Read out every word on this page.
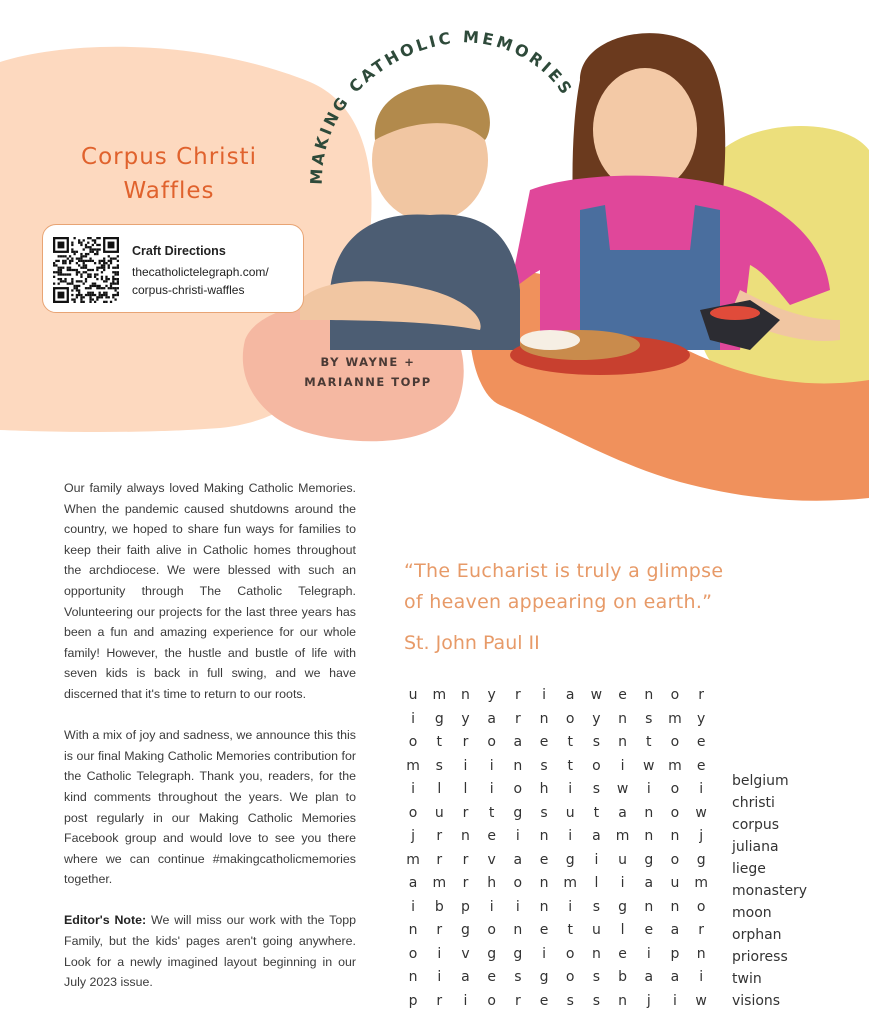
MAKING CATHOLIC MEMORIES
Corpus Christi
Waffles
Craft Directions
thecatholictelegraph.com/
corpus-christi-waffles
BY WAYNE +
MARIANNE TOPP

Our family always loved Making Catholic Memories. When the pandemic caused shutdowns around the country, we hoped to share fun ways for families to keep their faith alive in Catholic homes throughout the archdiocese. We were blessed with such an opportunity through The Catholic Telegraph. Volunteering our projects for the last three years has been a fun and amazing experience for our whole family! However, the hustle and bustle of life with seven kids is back in full swing, and we have discerned that it's time to return to our roots.

With a mix of joy and sadness, we announce this this is our final Making Catholic Memories contribution for the Catholic Telegraph. Thank you, readers, for the kind comments throughout the years. We plan to post regularly in our Making Catholic Memories Facebook group and would love to see you there where we can continue #makingcatholicmemories together.

Editor's Note: We will miss our work with the Topp Family, but the kids' pages aren't going anywhere. Look for a newly imagined layout beginning in our July 2023 issue.

“The Eucharist is truly a glimpse
of heaven appearing on earth.”
St. John Paul II
u	m	n	y	r	i	a	w	e	n	o	r
i	g	y	a	r	n	o	y	n	s	m	y
o	t	r	o	a	e	t	s	n	t	o	e
m	s	i	i	n	s	t	o	i	w m	e
i	l	l	i	o	h	i	s	w	i	o	i
o	u	r	t	g	s	u	t	a	n	o	w
j	r	n	e	i	n	i	a	m	n	n	j
m	r	r	v	a	e	g	i	u	g	o	g
a	m	r	h	o	n	m	l	i	a	u	m
i	b	p	i	i	n	i	s	g	n	n	o
n	r	g	o	n	e	t	u	l	e	a	r
o	i	v	g	g	i	o	n	e	i	p	n
n	i	a	e	s	g	o	s	b	a	a	i
p	r	i	o	r	e	s	s	n	j	i	w
belgium
christi
corpus
juliana
liege
monastery
moon
orphan
prioress
twin
visions
